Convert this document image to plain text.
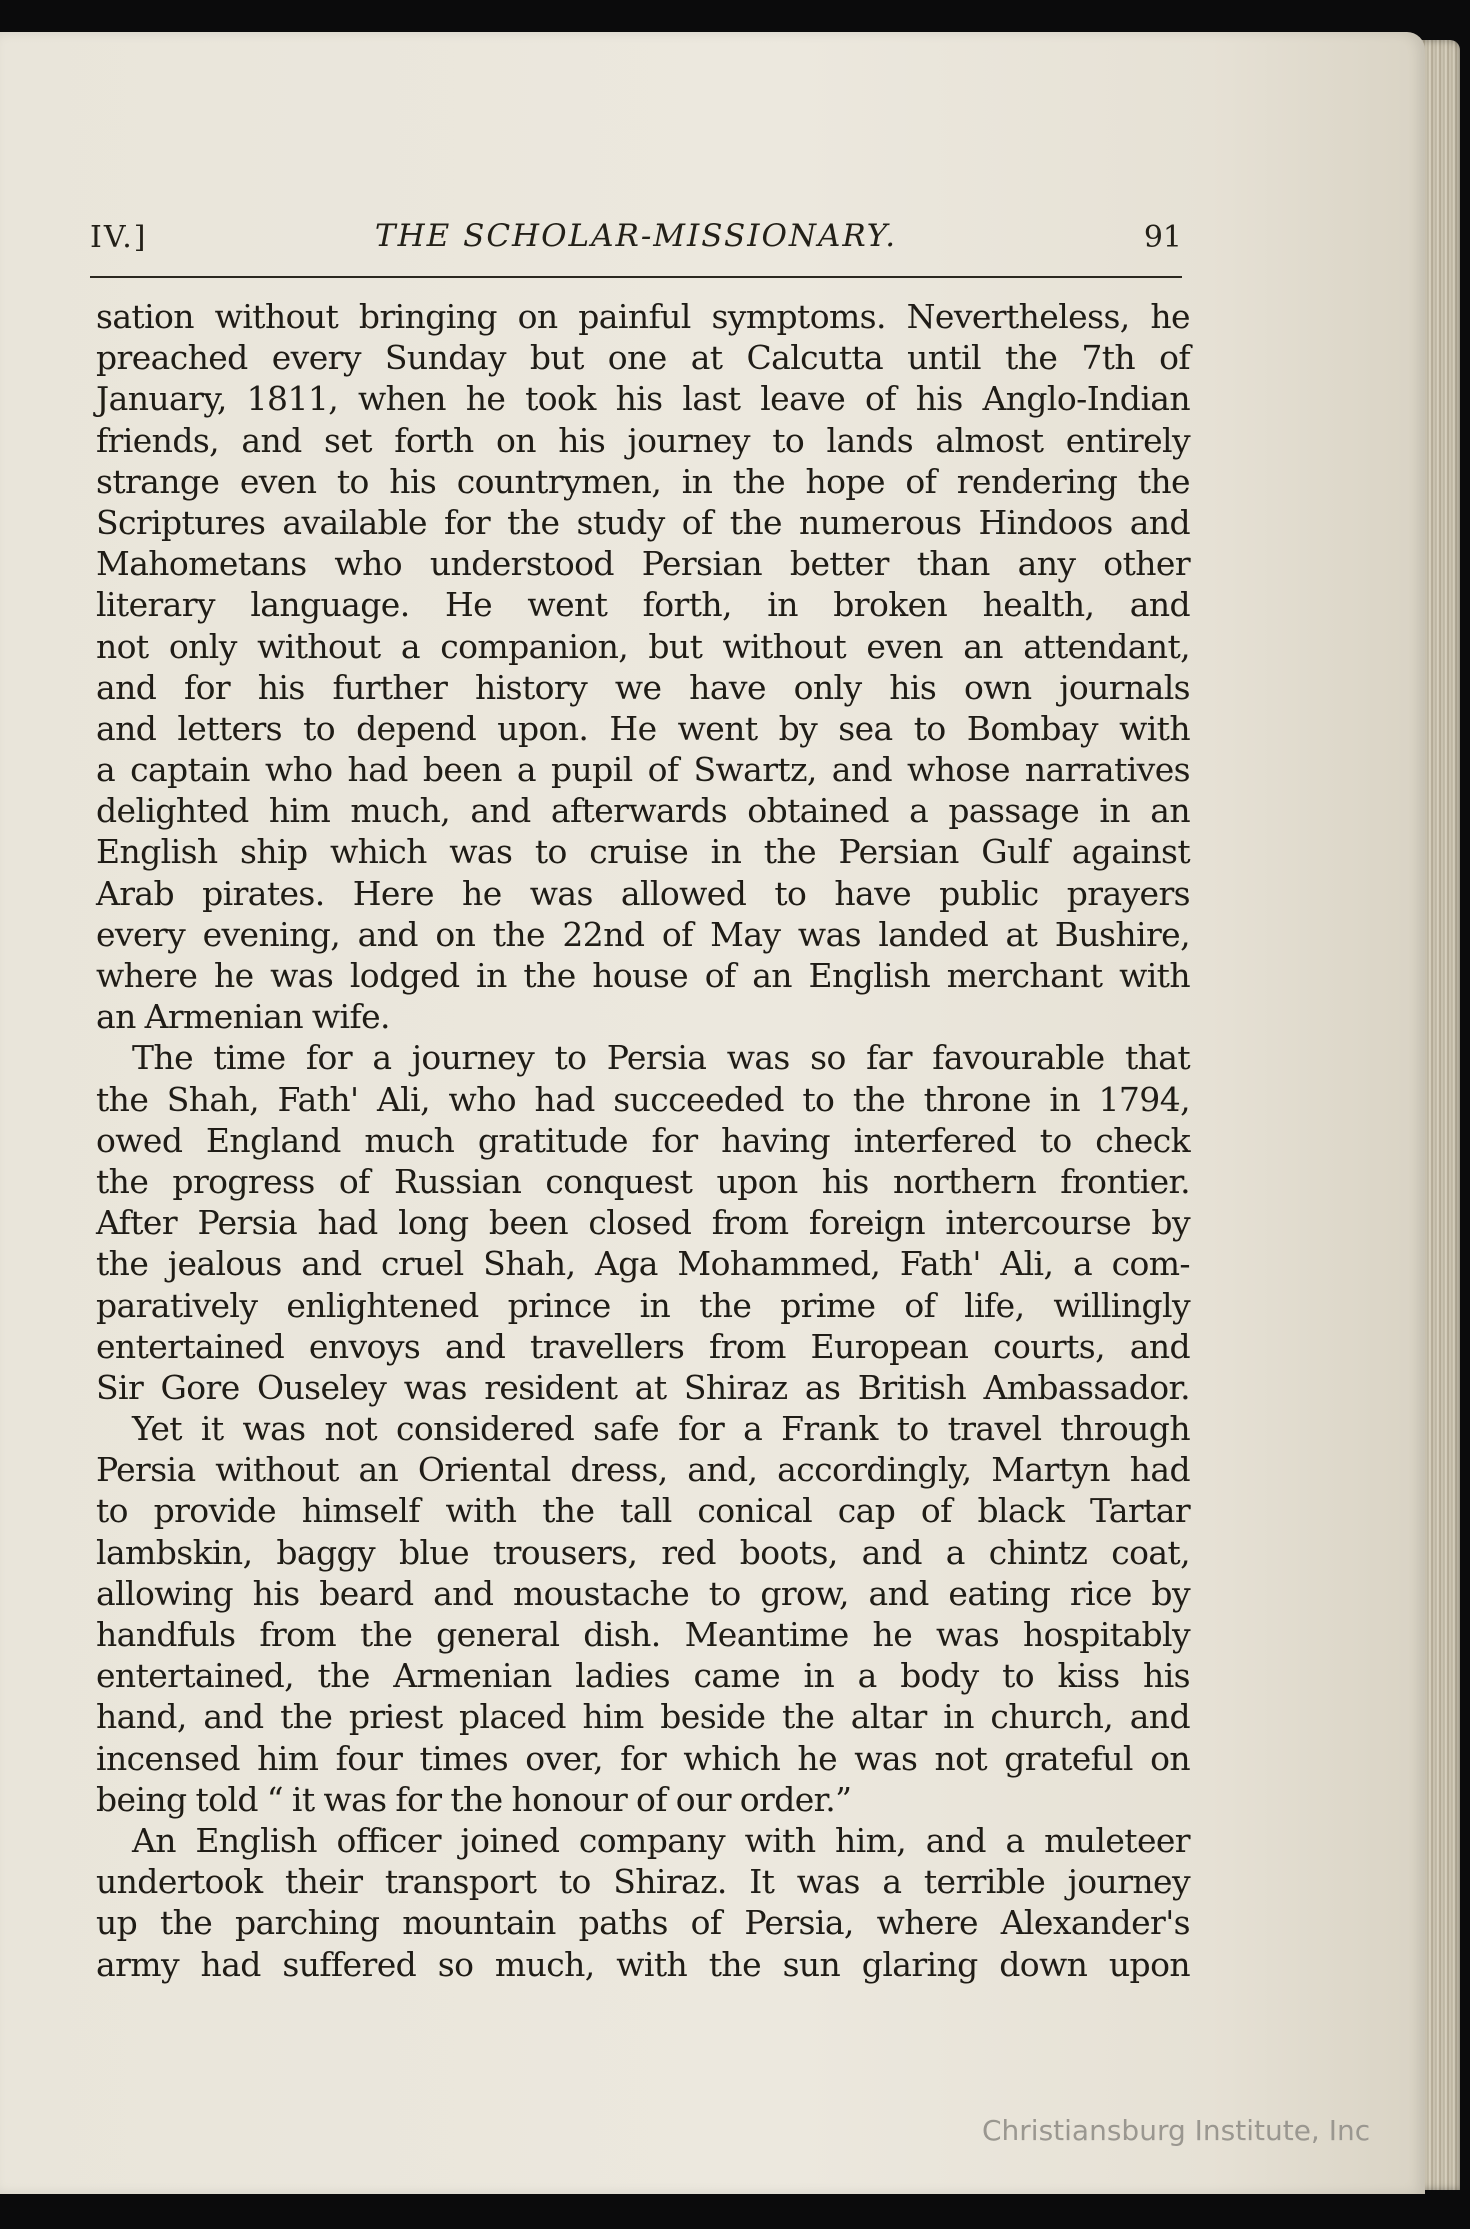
IV.]	THE SCHOLAR-MISSIONARY.	91
sation without bringing on painful symptoms. Nevertheless, he
preached every Sunday but one at Calcutta until the 7th of
January, 1811, when he took his last leave of his Anglo-Indian
friends, and set forth on his journey to lands almost entirely
strange even to his countrymen, in the hope of rendering the
Scriptures available for the study of the numerous Hindoos and
Mahometans who understood Persian better than any other
literary language. He went forth, in broken health, and
not only without a companion, but without even an attendant,
and for his further history we have only his own journals
and letters to depend upon. He went by sea to Bombay with
a captain who had been a pupil of Swartz, and whose narratives
delighted him much, and afterwards obtained a passage in an
English ship which was to cruise in the Persian Gulf against
Arab pirates. Here he was allowed to have public prayers
every evening, and on the 22nd of May was landed at Bushire,
where he was lodged in the house of an English merchant with
an Armenian wife.
The time for a journey to Persia was so far favourable that
the Shah, Fath' Ali, who had succeeded to the throne in 1794,
owed England much gratitude for having interfered to check
the progress of Russian conquest upon his northern frontier.
After Persia had long been closed from foreign intercourse by
the jealous and cruel Shah, Aga Mohammed, Fath' Ali, a com-
paratively enlightened prince in the prime of life, willingly
entertained envoys and travellers from European courts, and
Sir Gore Ouseley was resident at Shiraz as British Ambassador.
Yet it was not considered safe for a Frank to travel through
Persia without an Oriental dress, and, accordingly, Martyn had
to provide himself with the tall conical cap of black Tartar
lambskin, baggy blue trousers, red boots, and a chintz coat,
allowing his beard and moustache to grow, and eating rice by
handfuls from the general dish. Meantime he was hospitably
entertained, the Armenian ladies came in a body to kiss his
hand, and the priest placed him beside the altar in church, and
incensed him four times over, for which he was not grateful on
being told “ it was for the honour of our order.”
An English officer joined company with him, and a muleteer
undertook their transport to Shiraz. It was a terrible journey
up the parching mountain paths of Persia, where Alexander's
army had suffered so much, with the sun glaring down upon
Christiansburg Institute, Inc
